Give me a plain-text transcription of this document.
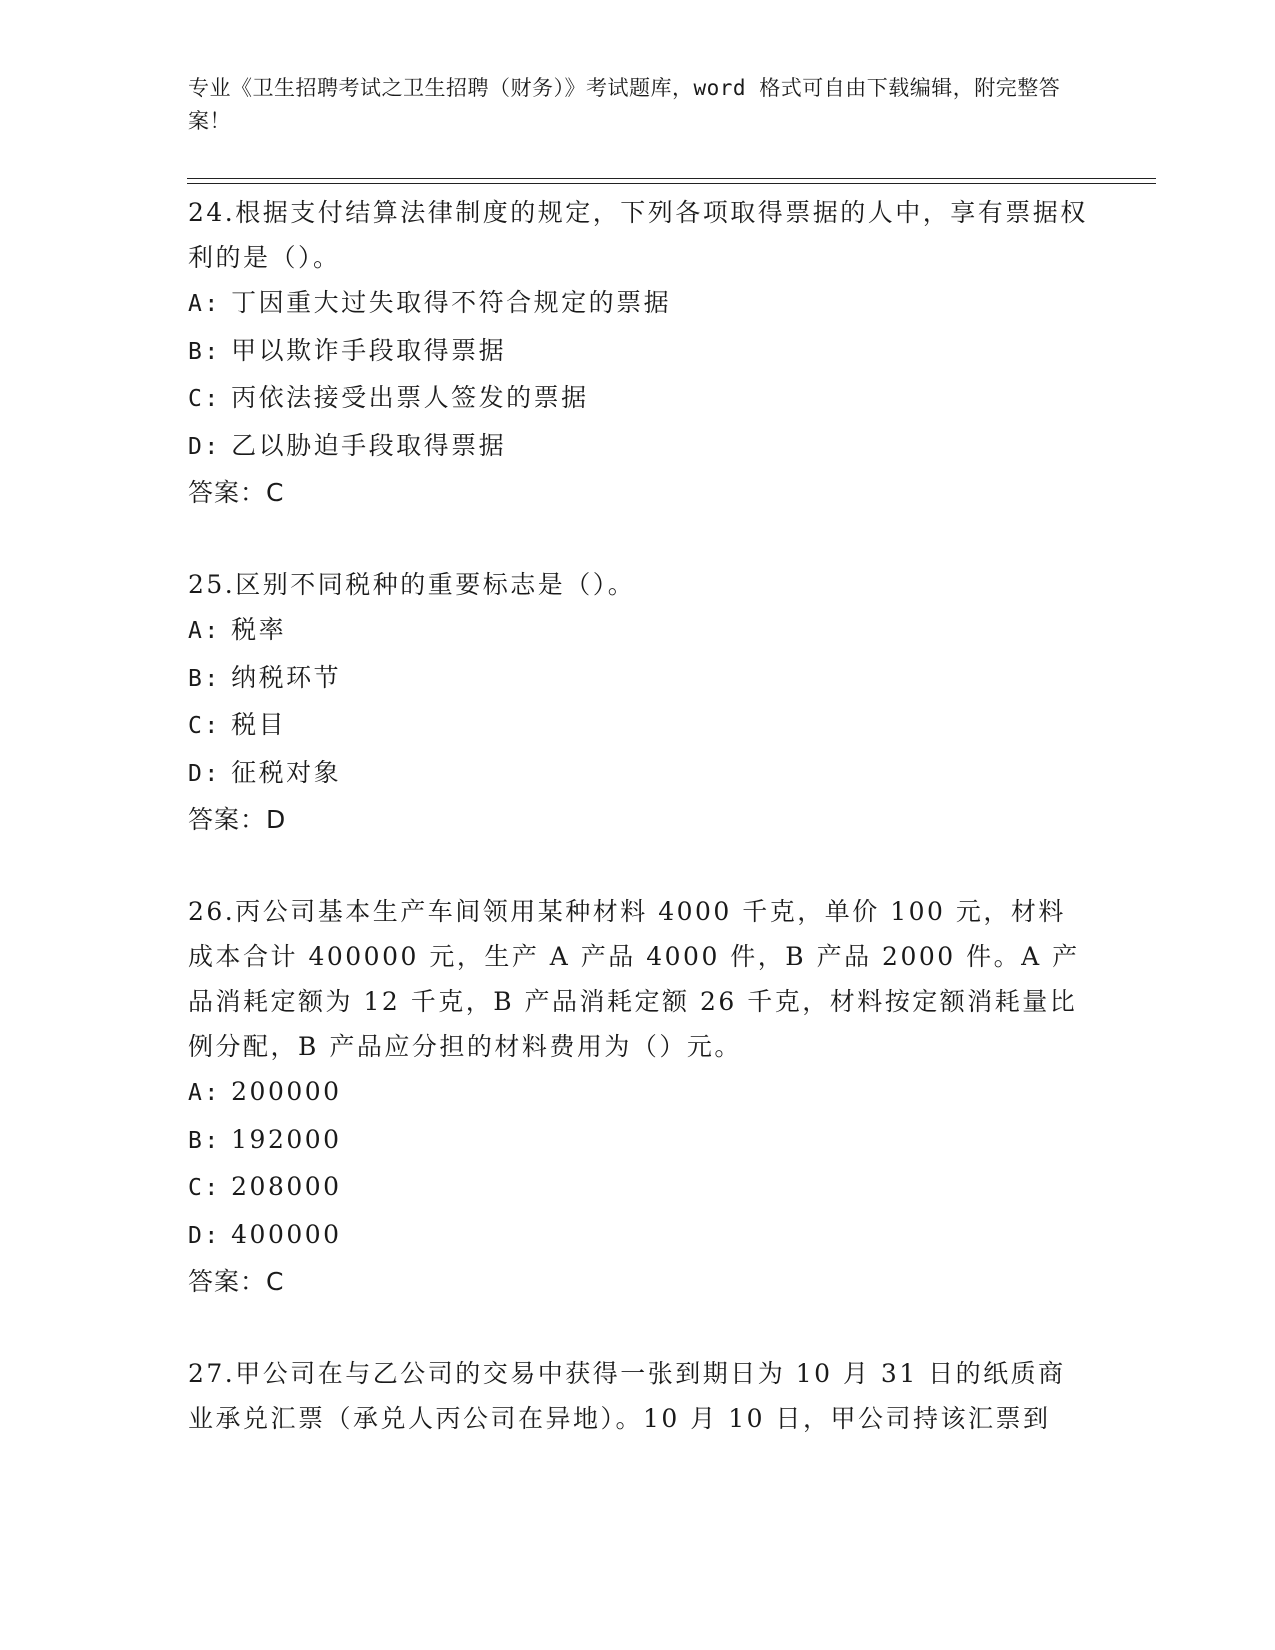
专业《卫生招聘考试之卫生招聘（财务）》考试题库，word 格式可自由下载编辑，附完整答案！
24.根据支付结算法律制度的规定，下列各项取得票据的人中，享有票据权利的是（）。
A: 丁因重大过失取得不符合规定的票据
B: 甲以欺诈手段取得票据
C: 丙依法接受出票人签发的票据
D: 乙以胁迫手段取得票据
答案：C
25.区别不同税种的重要标志是（）。
A: 税率
B: 纳税环节
C: 税目
D: 征税对象
答案：D
26.丙公司基本生产车间领用某种材料 4000 千克，单价 100 元，材料成本合计 400000 元，生产 A 产品 4000 件，B 产品 2000 件。A 产品消耗定额为 12 千克，B 产品消耗定额 26 千克，材料按定额消耗量比例分配，B 产品应分担的材料费用为（）元。
A: 200000
B: 192000
C: 208000
D: 400000
答案：C
27.甲公司在与乙公司的交易中获得一张到期日为 10 月 31 日的纸质商业承兑汇票（承兑人丙公司在异地）。10 月 10 日，甲公司持该汇票到
